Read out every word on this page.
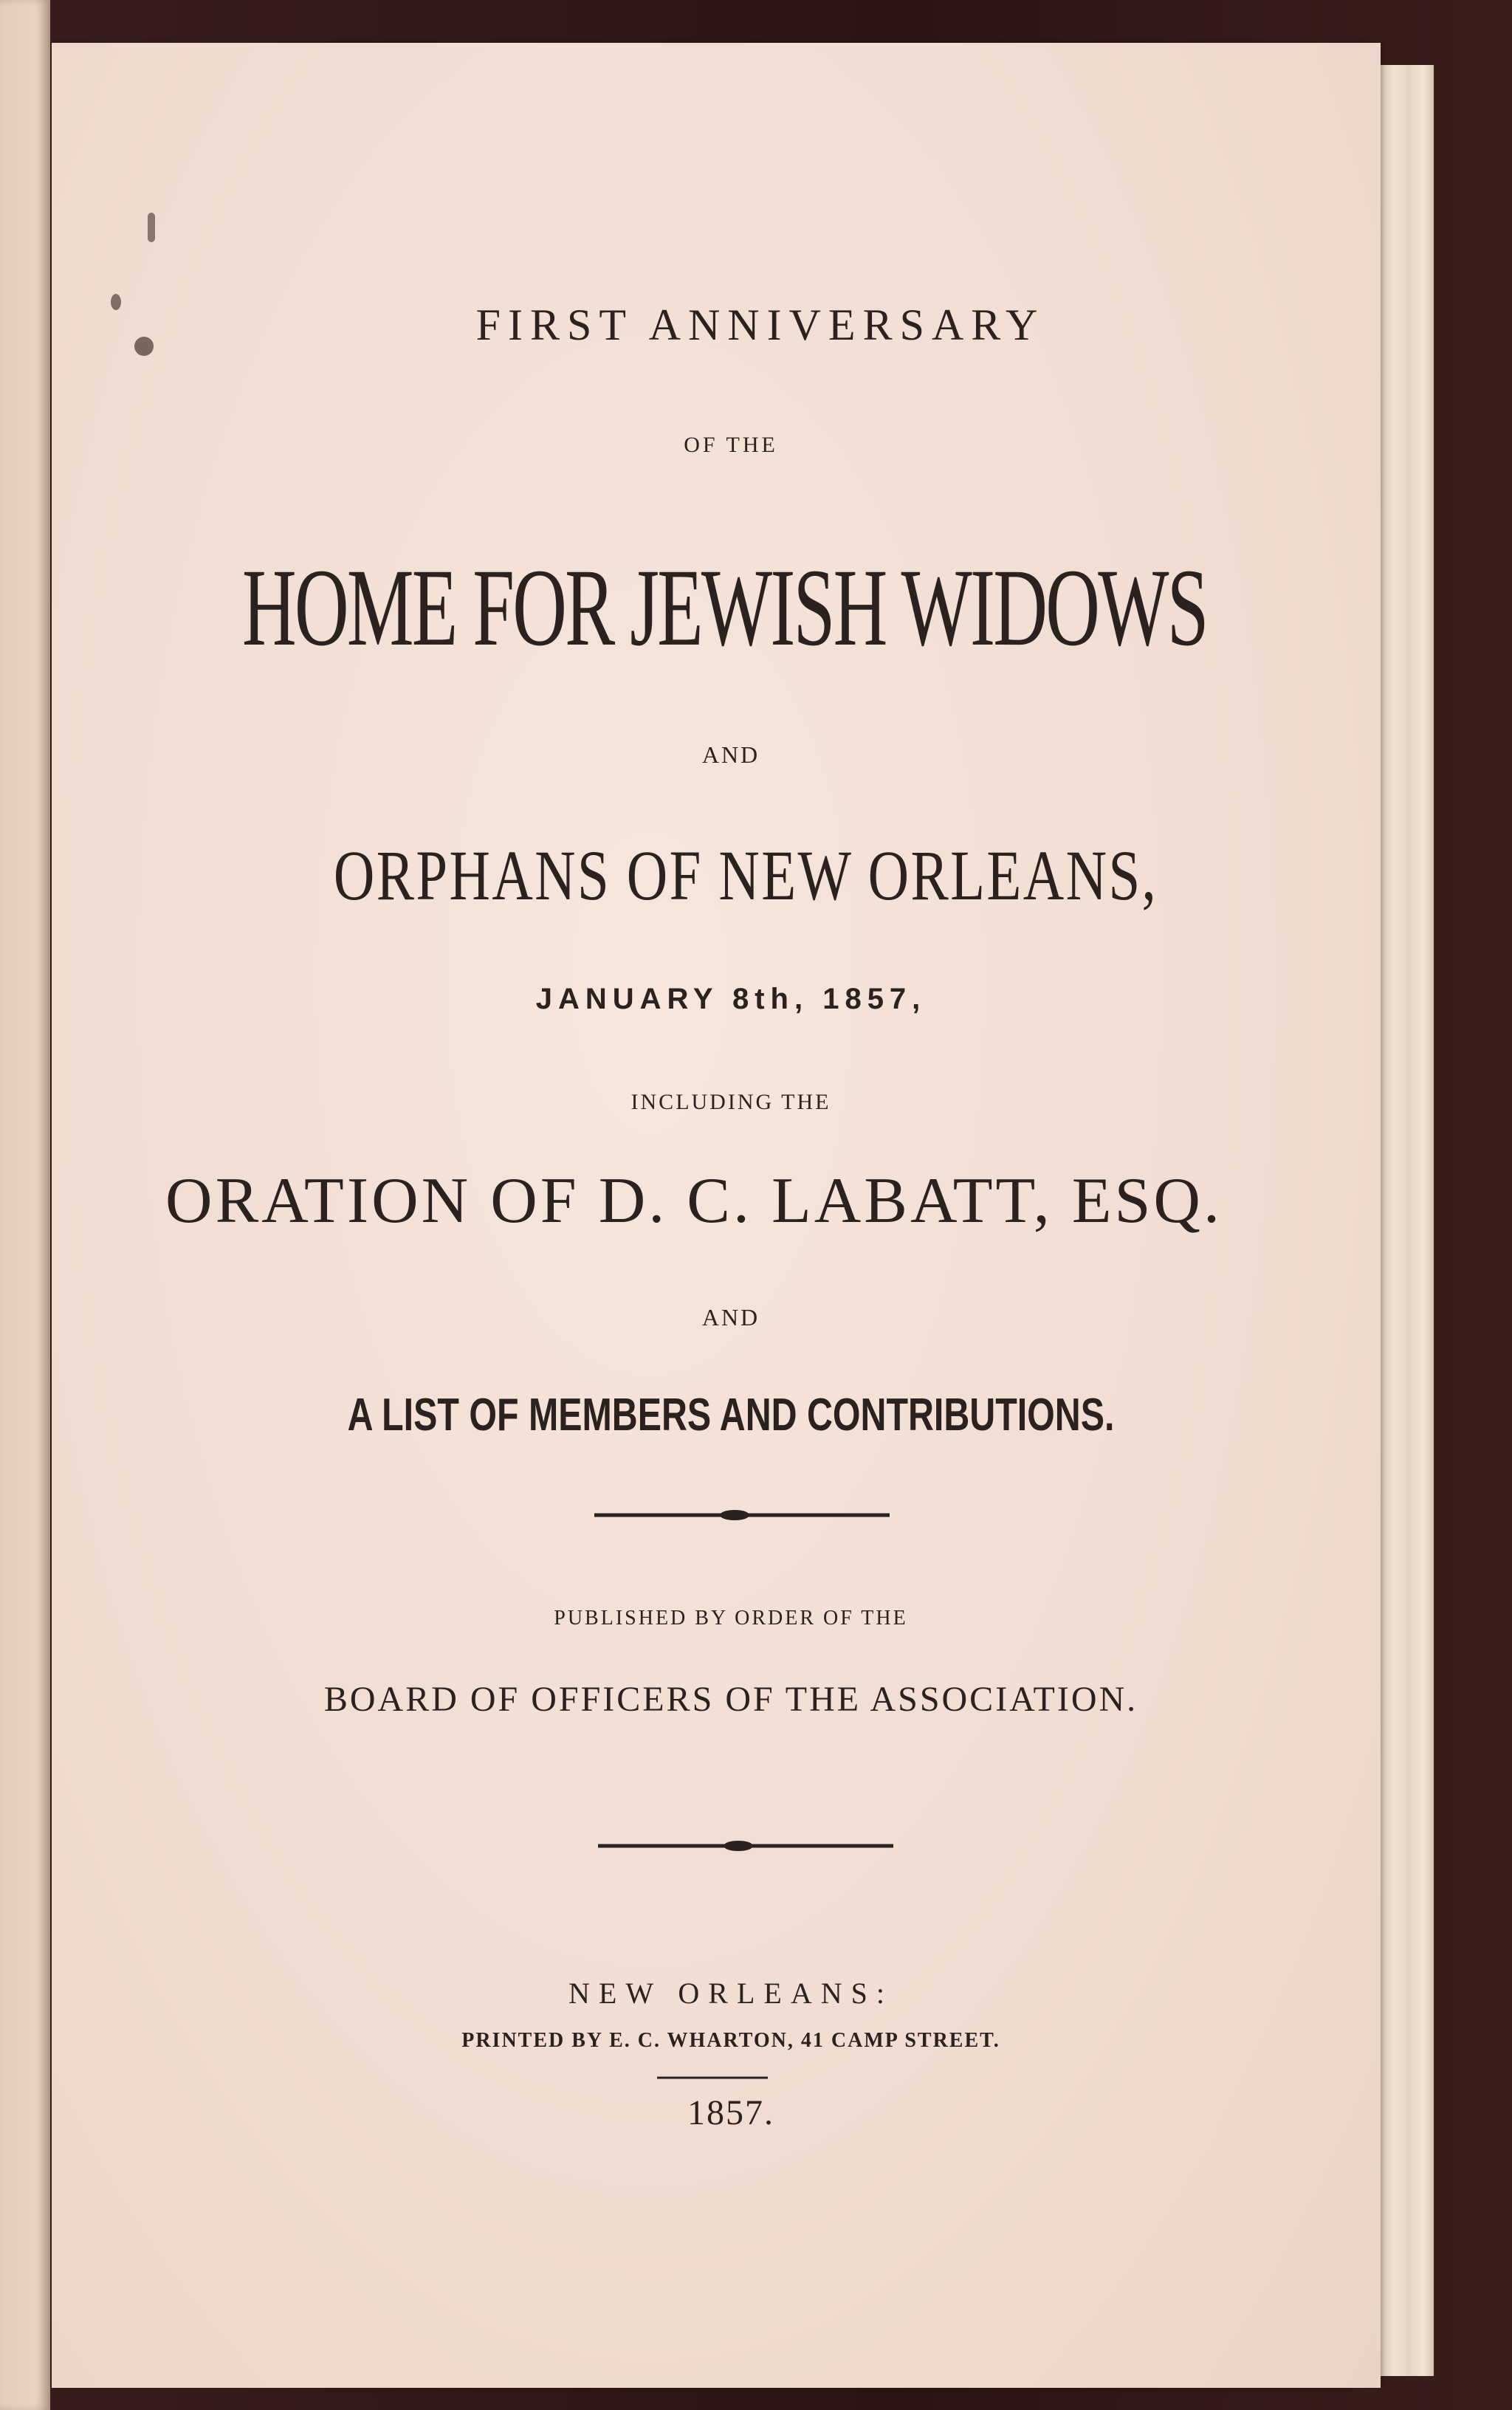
FIRST ANNIVERSARY
OF THE
HOME FOR JEWISH WIDOWS
AND
ORPHANS OF NEW ORLEANS,
JANUARY 8th, 1857,
INCLUDING THE
ORATION OF D. C. LABATT, ESQ.
AND
A LIST OF MEMBERS AND CONTRIBUTIONS.
PUBLISHED BY ORDER OF THE
BOARD OF OFFICERS OF THE ASSOCIATION.
NEW ORLEANS:
PRINTED BY E. C. WHARTON, 41 CAMP STREET.
1857.
